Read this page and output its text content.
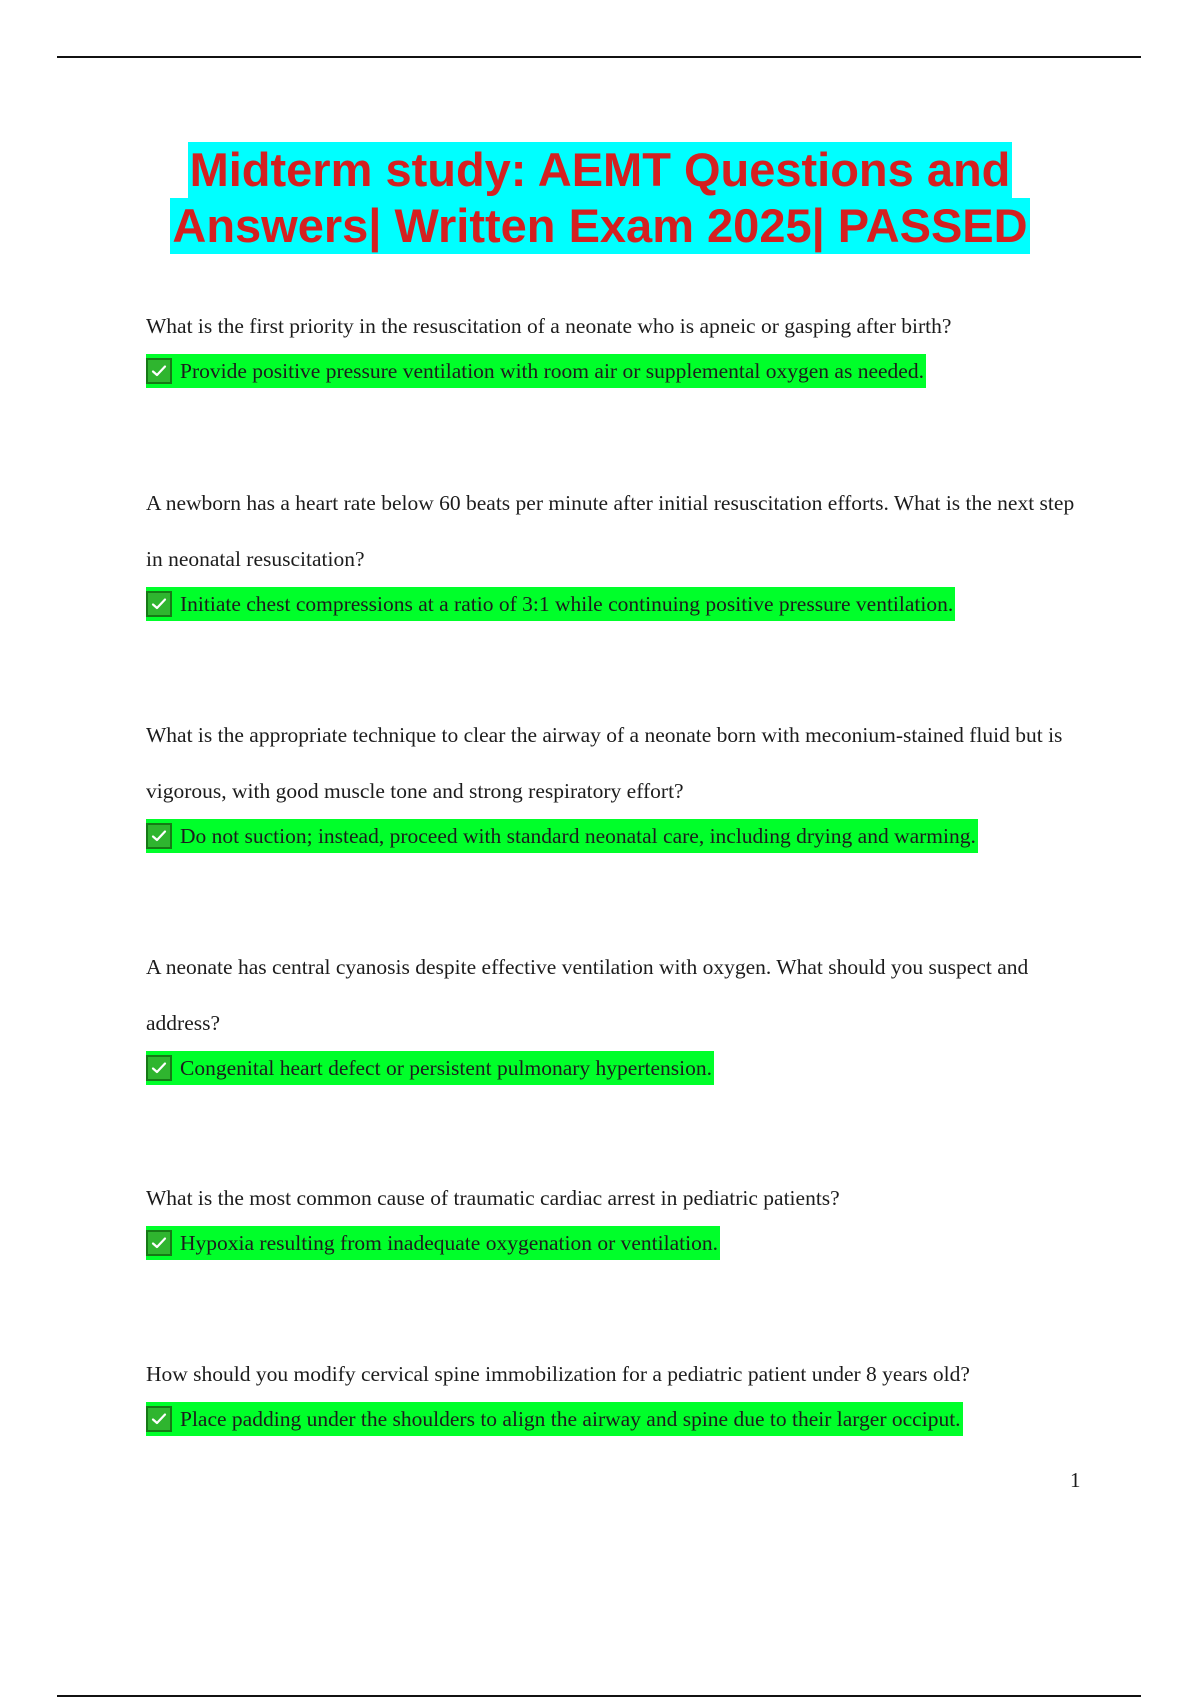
Midterm study: AEMT Questions and
Answers| Written Exam 2025| PASSED
What is the first priority in the resuscitation of a neonate who is apneic or gasping after birth?
Provide positive pressure ventilation with room air or supplemental oxygen as needed.
A newborn has a heart rate below 60 beats per minute after initial resuscitation efforts. What is the next step in neonatal resuscitation?
Initiate chest compressions at a ratio of 3:1 while continuing positive pressure ventilation.
What is the appropriate technique to clear the airway of a neonate born with meconium-stained fluid but is vigorous, with good muscle tone and strong respiratory effort?
Do not suction; instead, proceed with standard neonatal care, including drying and warming.
A neonate has central cyanosis despite effective ventilation with oxygen. What should you suspect and address?
Congenital heart defect or persistent pulmonary hypertension.
What is the most common cause of traumatic cardiac arrest in pediatric patients?
Hypoxia resulting from inadequate oxygenation or ventilation.
How should you modify cervical spine immobilization for a pediatric patient under 8 years old?
Place padding under the shoulders to align the airway and spine due to their larger occiput.
1
